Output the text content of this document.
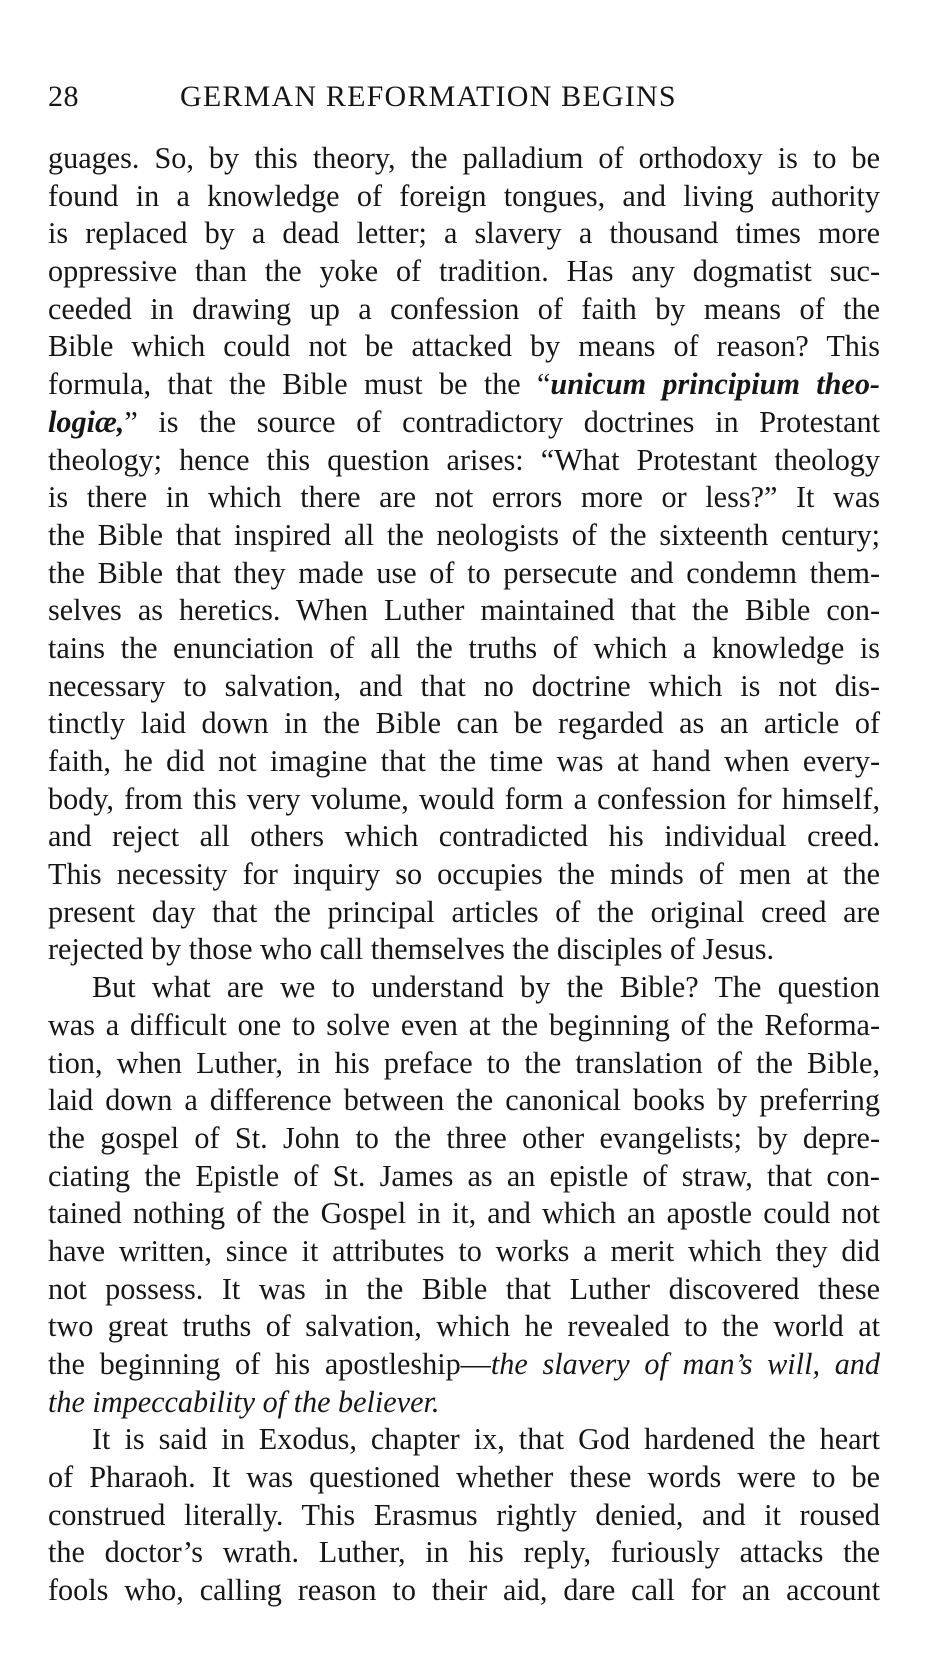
28	GERMAN REFORMATION BEGINS
guages. So, by this theory, the palladium of orthodoxy is to be
found in a knowledge of foreign tongues, and living authority
is replaced by a dead letter; a slavery a thousand times more
oppressive than the yoke of tradition. Has any dogmatist suc-
ceeded in drawing up a confession of faith by means of the
Bible which could not be attacked by means of reason? This
formula, that the Bible must be the “unicum principium theo-
logiæ,” is the source of contradictory doctrines in Protestant
theology; hence this question arises: “What Protestant theology
is there in which there are not errors more or less?” It was
the Bible that inspired all the neologists of the sixteenth century;
the Bible that they made use of to persecute and condemn them-
selves as heretics. When Luther maintained that the Bible con-
tains the enunciation of all the truths of which a knowledge is
necessary to salvation, and that no doctrine which is not dis-
tinctly laid down in the Bible can be regarded as an article of
faith, he did not imagine that the time was at hand when every-
body, from this very volume, would form a confession for himself,
and reject all others which contradicted his individual creed.
This necessity for inquiry so occupies the minds of men at the
present day that the principal articles of the original creed are
rejected by those who call themselves the disciples of Jesus.
But what are we to understand by the Bible? The question
was a difficult one to solve even at the beginning of the Reforma-
tion, when Luther, in his preface to the translation of the Bible,
laid down a difference between the canonical books by preferring
the gospel of St. John to the three other evangelists; by depre-
ciating the Epistle of St. James as an epistle of straw, that con-
tained nothing of the Gospel in it, and which an apostle could not
have written, since it attributes to works a merit which they did
not possess. It was in the Bible that Luther discovered these
two great truths of salvation, which he revealed to the world at
the beginning of his apostleship—the slavery of man’s will, and
the impeccability of the believer.
It is said in Exodus, chapter ix, that God hardened the heart
of Pharaoh. It was questioned whether these words were to be
construed literally. This Erasmus rightly denied, and it roused
the doctor’s wrath. Luther, in his reply, furiously attacks the
fools who, calling reason to their aid, dare call for an account
